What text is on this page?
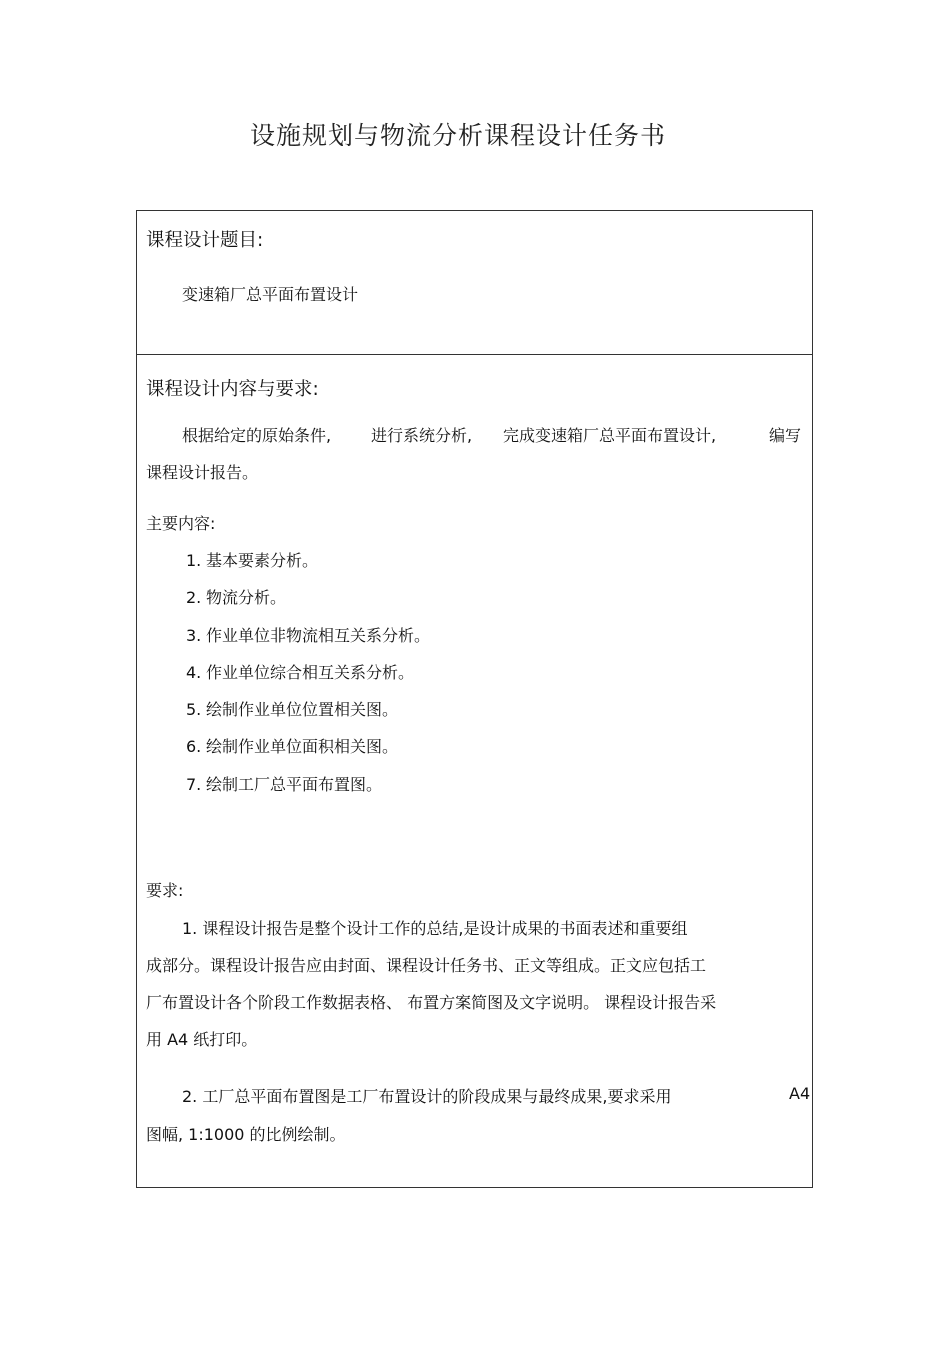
设施规划与物流分析课程设计任务书
课程设计题目:
变速箱厂总平面布置设计
课程设计内容与要求:
根据给定的原始条件, 进行系统分析, 完成变速箱厂总平面布置设计,	编写
课程设计报告。
主要内容:
1. 基本要素分析。
2. 物流分析。
3. 作业单位非物流相互关系分析。
4. 作业单位综合相互关系分析。
5. 绘制作业单位位置相关图。
6. 绘制作业单位面积相关图。
7. 绘制工厂总平面布置图。
要求:
1. 课程设计报告是整个设计工作的总结,是设计成果的书面表述和重要组
成部分。课程设计报告应由封面、课程设计任务书、正文等组成。正文应包括工
厂布置设计各个阶段工作数据表格、 布置方案简图及文字说明。 课程设计报告采
用 A4 纸打印。
2. 工厂总平面布置图是工厂布置设计的阶段成果与最终成果,要求采用	A4
图幅, 1:1000 的比例绘制。
